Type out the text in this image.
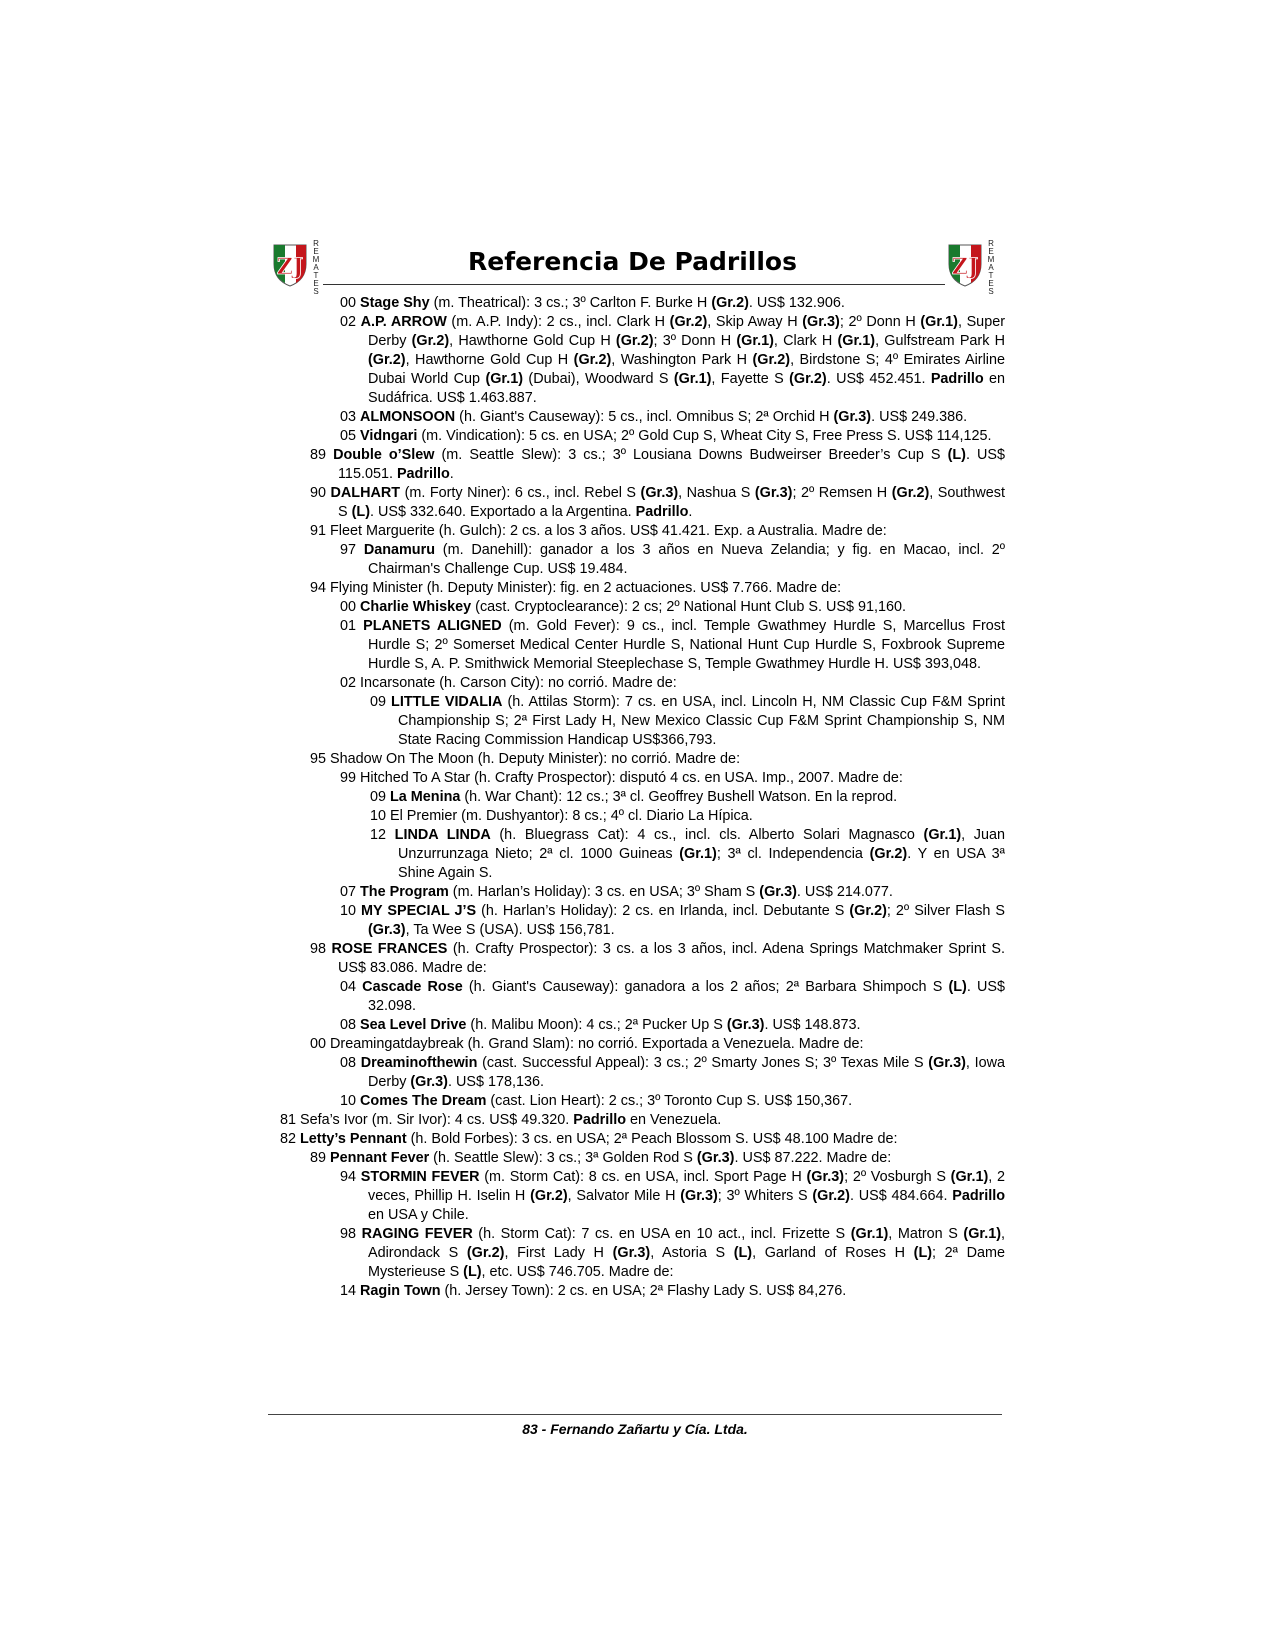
ZJ
R
E
M
A
T
E
S
Referencia De Padrillos	ZJ
R
E
M
A
T
E
S

00 Stage Shy (m. Theatrical): 3 cs.; 3º Carlton F. Burke H (Gr.2). US$ 132.906.

02 A.P. ARROW (m. A.P. Indy): 2 cs., incl. Clark H (Gr.2), Skip Away H (Gr.3); 2º Donn H (Gr.1), Super Derby (Gr.2), Hawthorne Gold Cup H (Gr.2); 3º Donn H (Gr.1), Clark H (Gr.1), Gulfstream Park H (Gr.2), Hawthorne Gold Cup H (Gr.2), Washington Park H (Gr.2), Birdstone S; 4º Emirates Airline Dubai World Cup (Gr.1) (Dubai), Woodward S (Gr.1), Fayette S (Gr.2). US$ 452.451. Padrillo en Sudáfrica. US$ 1.463.887.

03 ALMONSOON (h. Giant's Causeway): 5 cs., incl. Omnibus S; 2ª Orchid H (Gr.3). US$ 249.386.

05 Vidngari (m. Vindication): 5 cs. en USA; 2º Gold Cup S, Wheat City S, Free Press S. US$ 114,125.

89 Double o’Slew (m. Seattle Slew): 3 cs.; 3º Lousiana Downs Budweirser Breeder’s Cup S (L). US$ 115.051. Padrillo.

90 DALHART (m. Forty Niner): 6 cs., incl. Rebel S (Gr.3), Nashua S (Gr.3); 2º Remsen H (Gr.2), Southwest S (L). US$ 332.640. Exportado a la Argentina. Padrillo.

91 Fleet Marguerite (h. Gulch): 2 cs. a los 3 años. US$ 41.421. Exp. a Australia. Madre de:

97 Danamuru (m. Danehill): ganador a los 3 años en Nueva Zelandia; y fig. en Macao, incl. 2º Chairman's Challenge Cup. US$ 19.484.

94 Flying Minister (h. Deputy Minister): fig. en 2 actuaciones. US$ 7.766. Madre de:

00 Charlie Whiskey (cast. Cryptoclearance): 2 cs; 2º National Hunt Club S. US$ 91,160.

01 PLANETS ALIGNED (m. Gold Fever): 9 cs., incl. Temple Gwathmey Hurdle S, Marcellus Frost Hurdle S; 2º Somerset Medical Center Hurdle S, National Hunt Cup Hurdle S, Foxbrook Supreme Hurdle S, A. P. Smithwick Memorial Steeplechase S, Temple Gwathmey Hurdle H. US$ 393,048.

02 Incarsonate (h. Carson City): no corrió. Madre de:

09 LITTLE VIDALIA (h. Attilas Storm): 7 cs. en USA, incl. Lincoln H, NM Classic Cup F&M Sprint Championship S; 2ª First Lady H, New Mexico Classic Cup F&M Sprint Championship S, NM State Racing Commission Handicap US$366,793.

95 Shadow On The Moon (h. Deputy Minister): no corrió. Madre de:

99 Hitched To A Star (h. Crafty Prospector): disputó 4 cs. en USA. Imp., 2007. Madre de:

09 La Menina (h. War Chant): 12 cs.; 3ª cl. Geoffrey Bushell Watson. En la reprod.

10 El Premier (m. Dushyantor): 8 cs.; 4º cl. Diario La Hípica.

12 LINDA LINDA (h. Bluegrass Cat): 4 cs., incl. cls. Alberto Solari Magnasco (Gr.1), Juan Unzurrunzaga Nieto; 2ª cl. 1000 Guineas (Gr.1); 3ª cl. Independencia (Gr.2). Y en USA 3ª Shine Again S.

07 The Program (m. Harlan’s Holiday): 3 cs. en USA; 3º Sham S (Gr.3). US$ 214.077.

10 MY SPECIAL J’S (h. Harlan’s Holiday): 2 cs. en Irlanda, incl. Debutante S (Gr.2); 2º Silver Flash S (Gr.3), Ta Wee S (USA). US$ 156,781.

98 ROSE FRANCES (h. Crafty Prospector): 3 cs. a los 3 años, incl. Adena Springs Matchmaker Sprint S. US$ 83.086. Madre de:

04 Cascade Rose (h. Giant's Causeway): ganadora a los 2 años; 2ª Barbara Shimpoch S (L). US$ 32.098.

08 Sea Level Drive (h. Malibu Moon): 4 cs.; 2ª Pucker Up S (Gr.3). US$ 148.873.

00 Dreamingatdaybreak (h. Grand Slam): no corrió. Exportada a Venezuela. Madre de:

08 Dreaminofthewin (cast. Successful Appeal): 3 cs.; 2º Smarty Jones S; 3º Texas Mile S (Gr.3), Iowa Derby (Gr.3). US$ 178,136.

10 Comes The Dream (cast. Lion Heart): 2 cs.; 3º Toronto Cup S. US$ 150,367.

81 Sefa’s Ivor (m. Sir Ivor): 4 cs. US$ 49.320. Padrillo en Venezuela.

82 Letty’s Pennant (h. Bold Forbes): 3 cs. en USA; 2ª Peach Blossom S. US$ 48.100 Madre de:

89 Pennant Fever (h. Seattle Slew): 3 cs.; 3ª Golden Rod S (Gr.3). US$ 87.222. Madre de:

94 STORMIN FEVER (m. Storm Cat): 8 cs. en USA, incl. Sport Page H (Gr.3); 2º Vosburgh S (Gr.1), 2 veces, Phillip H. Iselin H (Gr.2), Salvator Mile H (Gr.3); 3º Whiters S (Gr.2). US$ 484.664. Padrillo en USA y Chile.

98 RAGING FEVER (h. Storm Cat): 7 cs. en USA en 10 act., incl. Frizette S (Gr.1), Matron S (Gr.1), Adirondack S (Gr.2), First Lady H (Gr.3), Astoria S (L), Garland of Roses H (L); 2ª Dame Mysterieuse S (L), etc. US$ 746.705. Madre de:

14 Ragin Town (h. Jersey Town): 2 cs. en USA; 2ª Flashy Lady S. US$ 84,276.

83 - Fernando Zañartu y Cía. Ltda.
